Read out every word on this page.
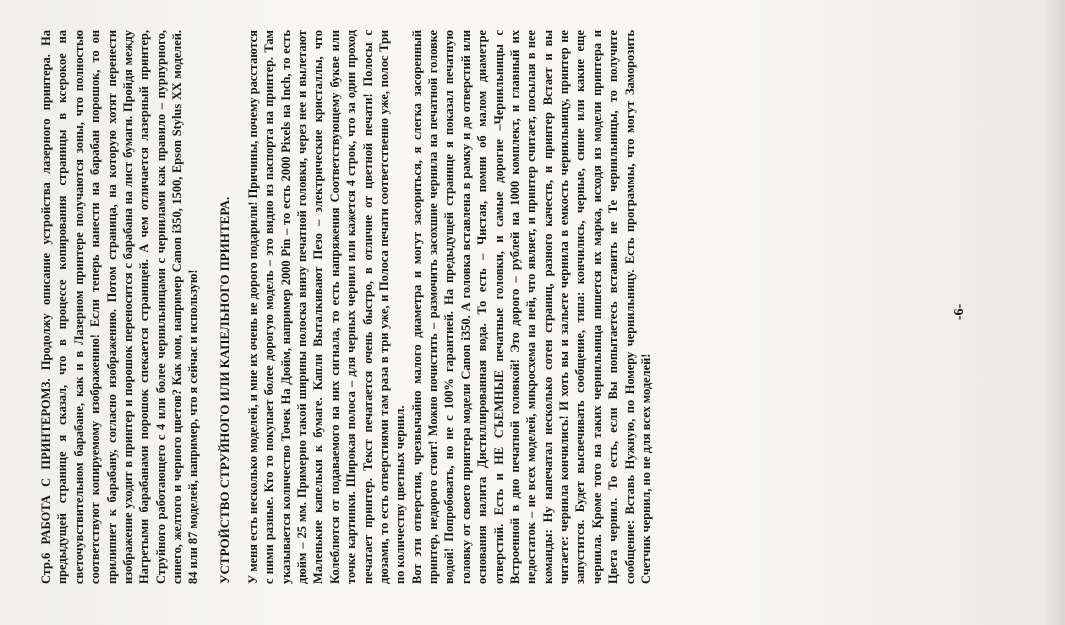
Стр.6 РАБОТА С ПРИНТЕРОМ3. Продолжу описание устройства лазерного принтера. На предыдущей странице я сказал, что в процессе копирования страницы в ксерокое на светочувствительном барабане, как и в Лазерном принтере получаются зоны, что полностью соответствуют копируемому изображению! Если теперь нанести на барабан порошок, то он прилипнет к барабану, согласно изображению. Потом страница, на которую хотят перенести изображение уходит в принтер и порошок переносится с барабана на лист бумаги. Пройдя между Нагретыми барабанами порошок спекается страницей. А чем отличается лазерный принтер, Струйного работающего с 4 или более чернильницами с чернилами как правило – пурпурного, синего, желтого и черного цветов? Как мои, например Canon i350, 1500, Epson Stylus XX моделей. 84 или 87 моделей, например, что я сейчас и использую! УСТРОЙСТВО СТРУЙНОГО ИЛИ КАПЕЛЬНОГО ПРИНТЕРА. У меня есть несколько моделей, и мне их очень не дорого подарили! Причины, почему расстаются с ними разные. Кто то покупает более дорогую модель – это видно из паспорта на принтер. Там указывается количество Точек На Дюйм, например 2000 Pin – то есть 2000 Pixels на Inch, то есть дюйм – 25 мм. Примерно такой ширины полоска внизу печатной головки, через нее и вылетают Маленькие капельки к бумаге. Капли Выталкивают Пезо – электрические кристаллы, что Колеблются от подаваемого на них сигнала, то есть напряжения Соответствующему букве или точке картинки. Широкая полоса – для черных чернил или кажется 4 строк, что за один проход печатает принтер. Текст печатается очень быстро, в отличие от цветной печати! Полосы с дюзами, то есть отверстиями там раза в три уже, и Полоса печати соответственно уже, полос Три по количеству цветных чернил. Вот эти отверстия, чрезвычайно малого диаметра и могут засориться, я слегка засоренный принтер, недорого стоит! Можно почистить – размочить засохшие чернила на печатной головке водой! Попробовать, но не с 100% гарантией. На предыдущей странице я показал печатную головку от своего принтера модели Canon i350. А головка вставлена в рамку и до отверстий или основания налита Дистиллированная вода. То есть – Чистая, помни об малом диаметре отверстий. Есть и НЕ СЪЕМНЫЕ печатные головки, и самые дорогие –Чернильницы с Встроенной в дно печатной головкой! Это дорого – рублей на 1000 комплект, и главный их недостаток – не всех моделей, микросхема на ней, что являет, и принтер считает, посылая в нее команды: Ну напечатал несколько сотен страниц, разного качеств, и принтер Встает и вы читаете: чернила кончились! И хоть вы и зальете чернила в емкость чернильницу, принтер не запустится. Будет высвечивать сообщение, типа: кончились, черные, синие или какие еще чернила. Кроме того на таких чернильница пишется их марка, исходя из модели принтера и Цвета чернил. То есть, если Вы попытаетесь вставить не Те чернильницы, то получите сообщение: Вставь Нужную, по Номеру чернильницу. Есть программы, что могут Заморозить Счетчик чернил, но не для всех моделей!

-6-
